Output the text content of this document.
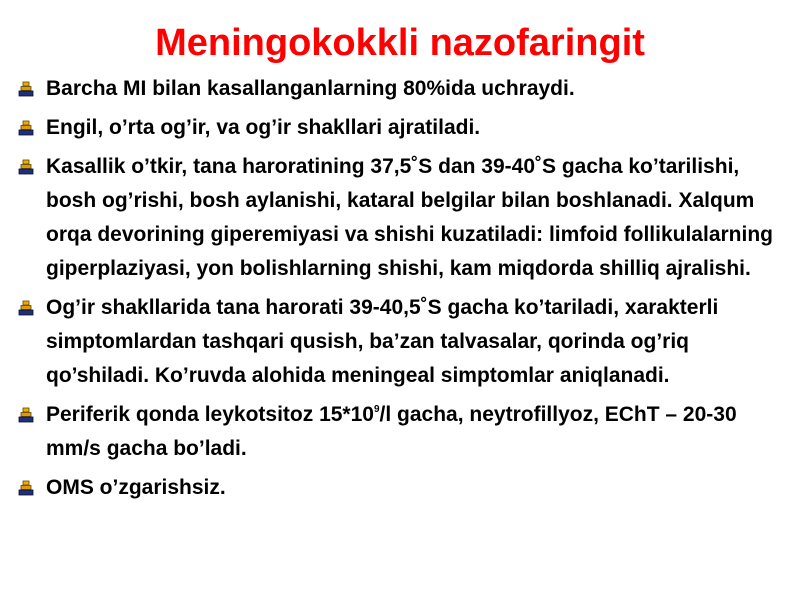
Meningokokkli nazofaringit
Barcha MI bilan kasallanganlarning 80%ida uchraydi.
Engil, o’rta og’ir, va og’ir shakllari ajratiladi.
Kasallik o’tkir, tana haroratining 37,5˚S dan 39-40˚S gacha ko’tarilishi, bosh og’rishi, bosh aylanishi, kataral belgilar bilan boshlanadi. Xalqum orqa devorining giperemiyasi va shishi kuzatiladi: limfoid follikulalarning giperplaziyasi, yon bolishlarning shishi, kam miqdorda shilliq ajralishi.
Og’ir shakllarida tana harorati 39-40,5˚S gacha ko’tariladi, xarakterli simptomlardan tashqari qusish, ba’zan talvasalar, qorinda og’riq qo’shiladi. Ko’ruvda alohida meningeal simptomlar aniqlanadi.
Periferik qonda leykotsitoz $15*10^9/l$ gacha, neytrofillyoz, EChT – 20-30 mm/s gacha bo’ladi.
OMS o’zgarishsiz.
